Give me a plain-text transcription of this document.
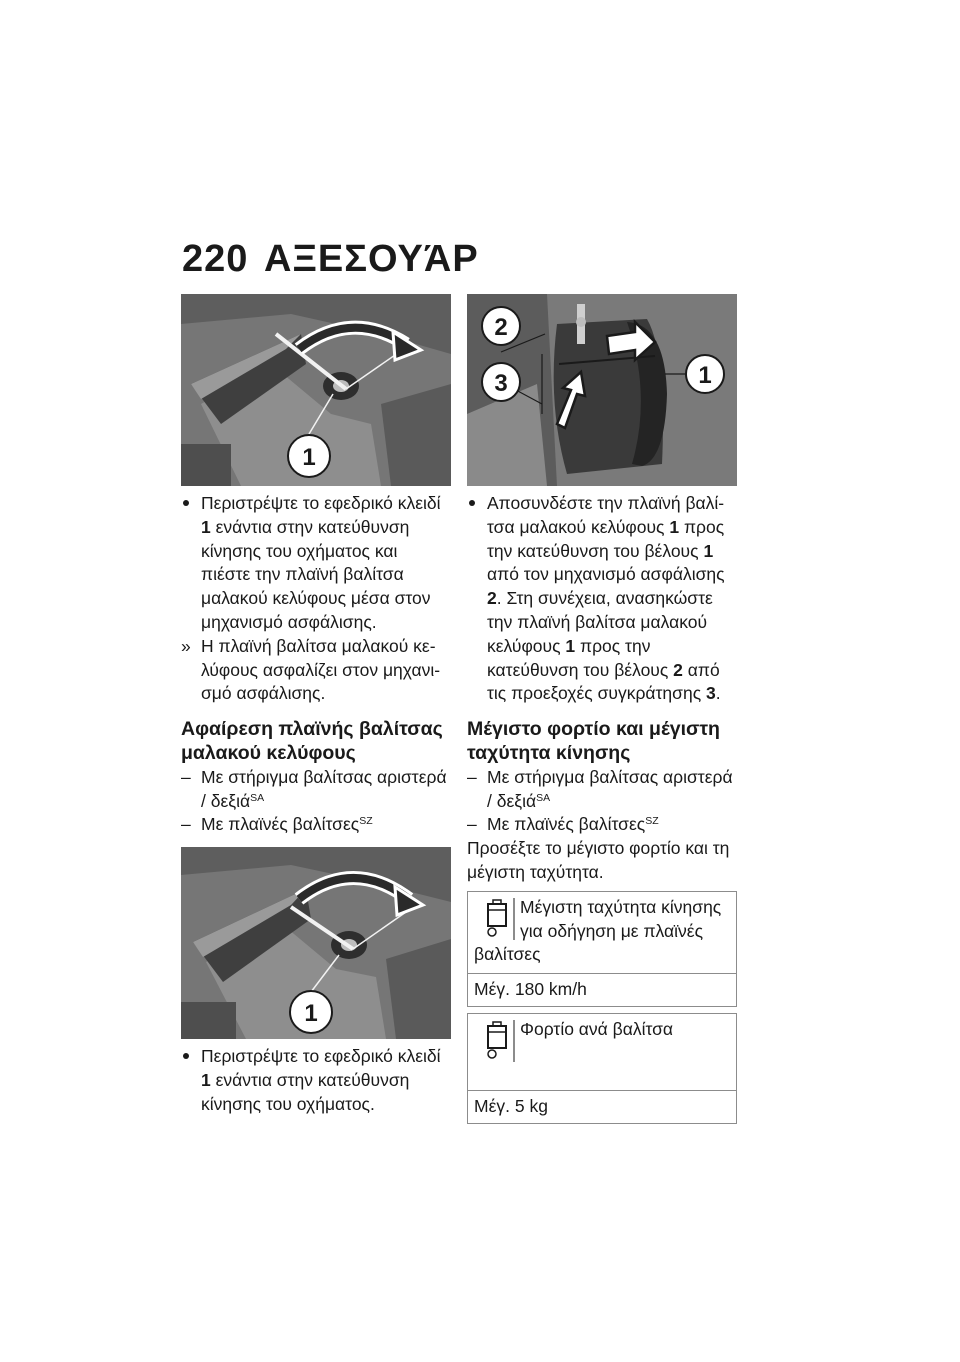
220 ΑΞΕΣΟΥΆΡ
1
Περιστρέψτε το εφεδρικό κλειδί 1 ενάντια στην κατεύθυνση κίνησης του οχήματος και πιέστε την πλαϊνή βαλίτσα μαλακού κελύφους μέσα στον μηχανισμό ασφάλισης.
» Η πλαϊνή βαλίτσα μαλακού κελύφους ασφαλίζει στον μηχανισμό ασφάλισης.
Αφαίρεση πλαϊνής βαλίτσας μαλακού κελύφους
– Με στήριγμα βαλίτσας αριστερά / δεξιά$^{SA}$
– Με πλαϊνές βαλίτσες$^{SZ}$
1
Περιστρέψτε το εφεδρικό κλειδί 1 ενάντια στην κατεύθυνση κίνησης του οχήματος.
2
3	1
Αποσυνδέστε την πλαϊνή βαλίτσα μαλακού κελύφους 1 προς την κατεύθυνση του βέλους 1 από τον μηχανισμό ασφάλισης 2. Στη συνέχεια, ανασηκώστε την πλαϊνή βαλίτσα μαλακού κελύφους 1 προς την κατεύθυνση του βέλους 2 από τις προεξοχές συγκράτησης 3.
Μέγιστο φορτίο και μέγιστη ταχύτητα κίνησης
– Με στήριγμα βαλίτσας αριστερά / δεξιά$^{SA}$
– Με πλαϊνές βαλίτσες$^{SZ}$

Προσέξτε το μέγιστο φορτίο και τη μέγιστη ταχύτητα.

Μέγιστη ταχύτητα κίνησης για οδήγηση με πλαϊνές βαλίτσες
Μέγ. 180 km/h
Φορτίο ανά βαλίτσα
Μέγ. 5 kg
